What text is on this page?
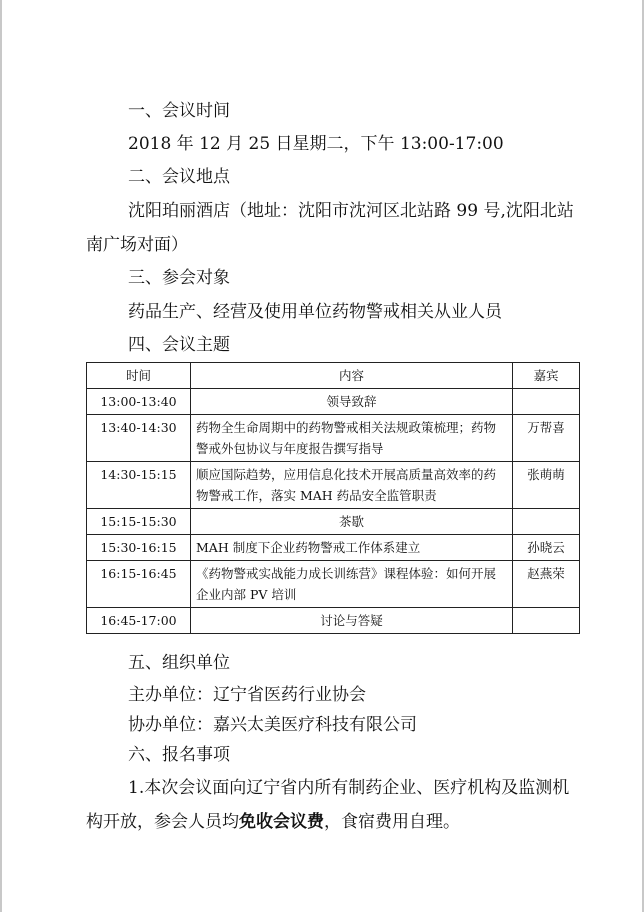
一、会议时间
2018 年 12 月 25 日星期二，下午 13:00-17:00
二、会议地点
沈阳珀丽酒店（地址：沈阳市沈河区北站路 99 号,沈阳北站
南广场对面）
三、参会对象
药品生产、经营及使用单位药物警戒相关从业人员
四、会议主题
时间	内容	嘉宾
13:00-13:40	领导致辞	
13:40-14:30	药物全生命周期中的药物警戒相关法规政策梳理；药物警戒外包协议与年度报告撰写指导	万帮喜
14:30-15:15	顺应国际趋势，应用信息化技术开展高质量高效率的药物警戒工作，落实 MAH 药品安全监管职责	张萌萌
15:15-15:30	茶歇	
15:30-16:15	MAH 制度下企业药物警戒工作体系建立	孙晓云
16:15-16:45	《药物警戒实战能力成长训练营》课程体验：如何开展企业内部 PV 培训	赵燕荣
16:45-17:00	讨论与答疑	
五、组织单位
主办单位：辽宁省医药行业协会
协办单位：嘉兴太美医疗科技有限公司
六、报名事项
1.本次会议面向辽宁省内所有制药企业、医疗机构及监测机
构开放，参会人员均免收会议费，食宿费用自理。
